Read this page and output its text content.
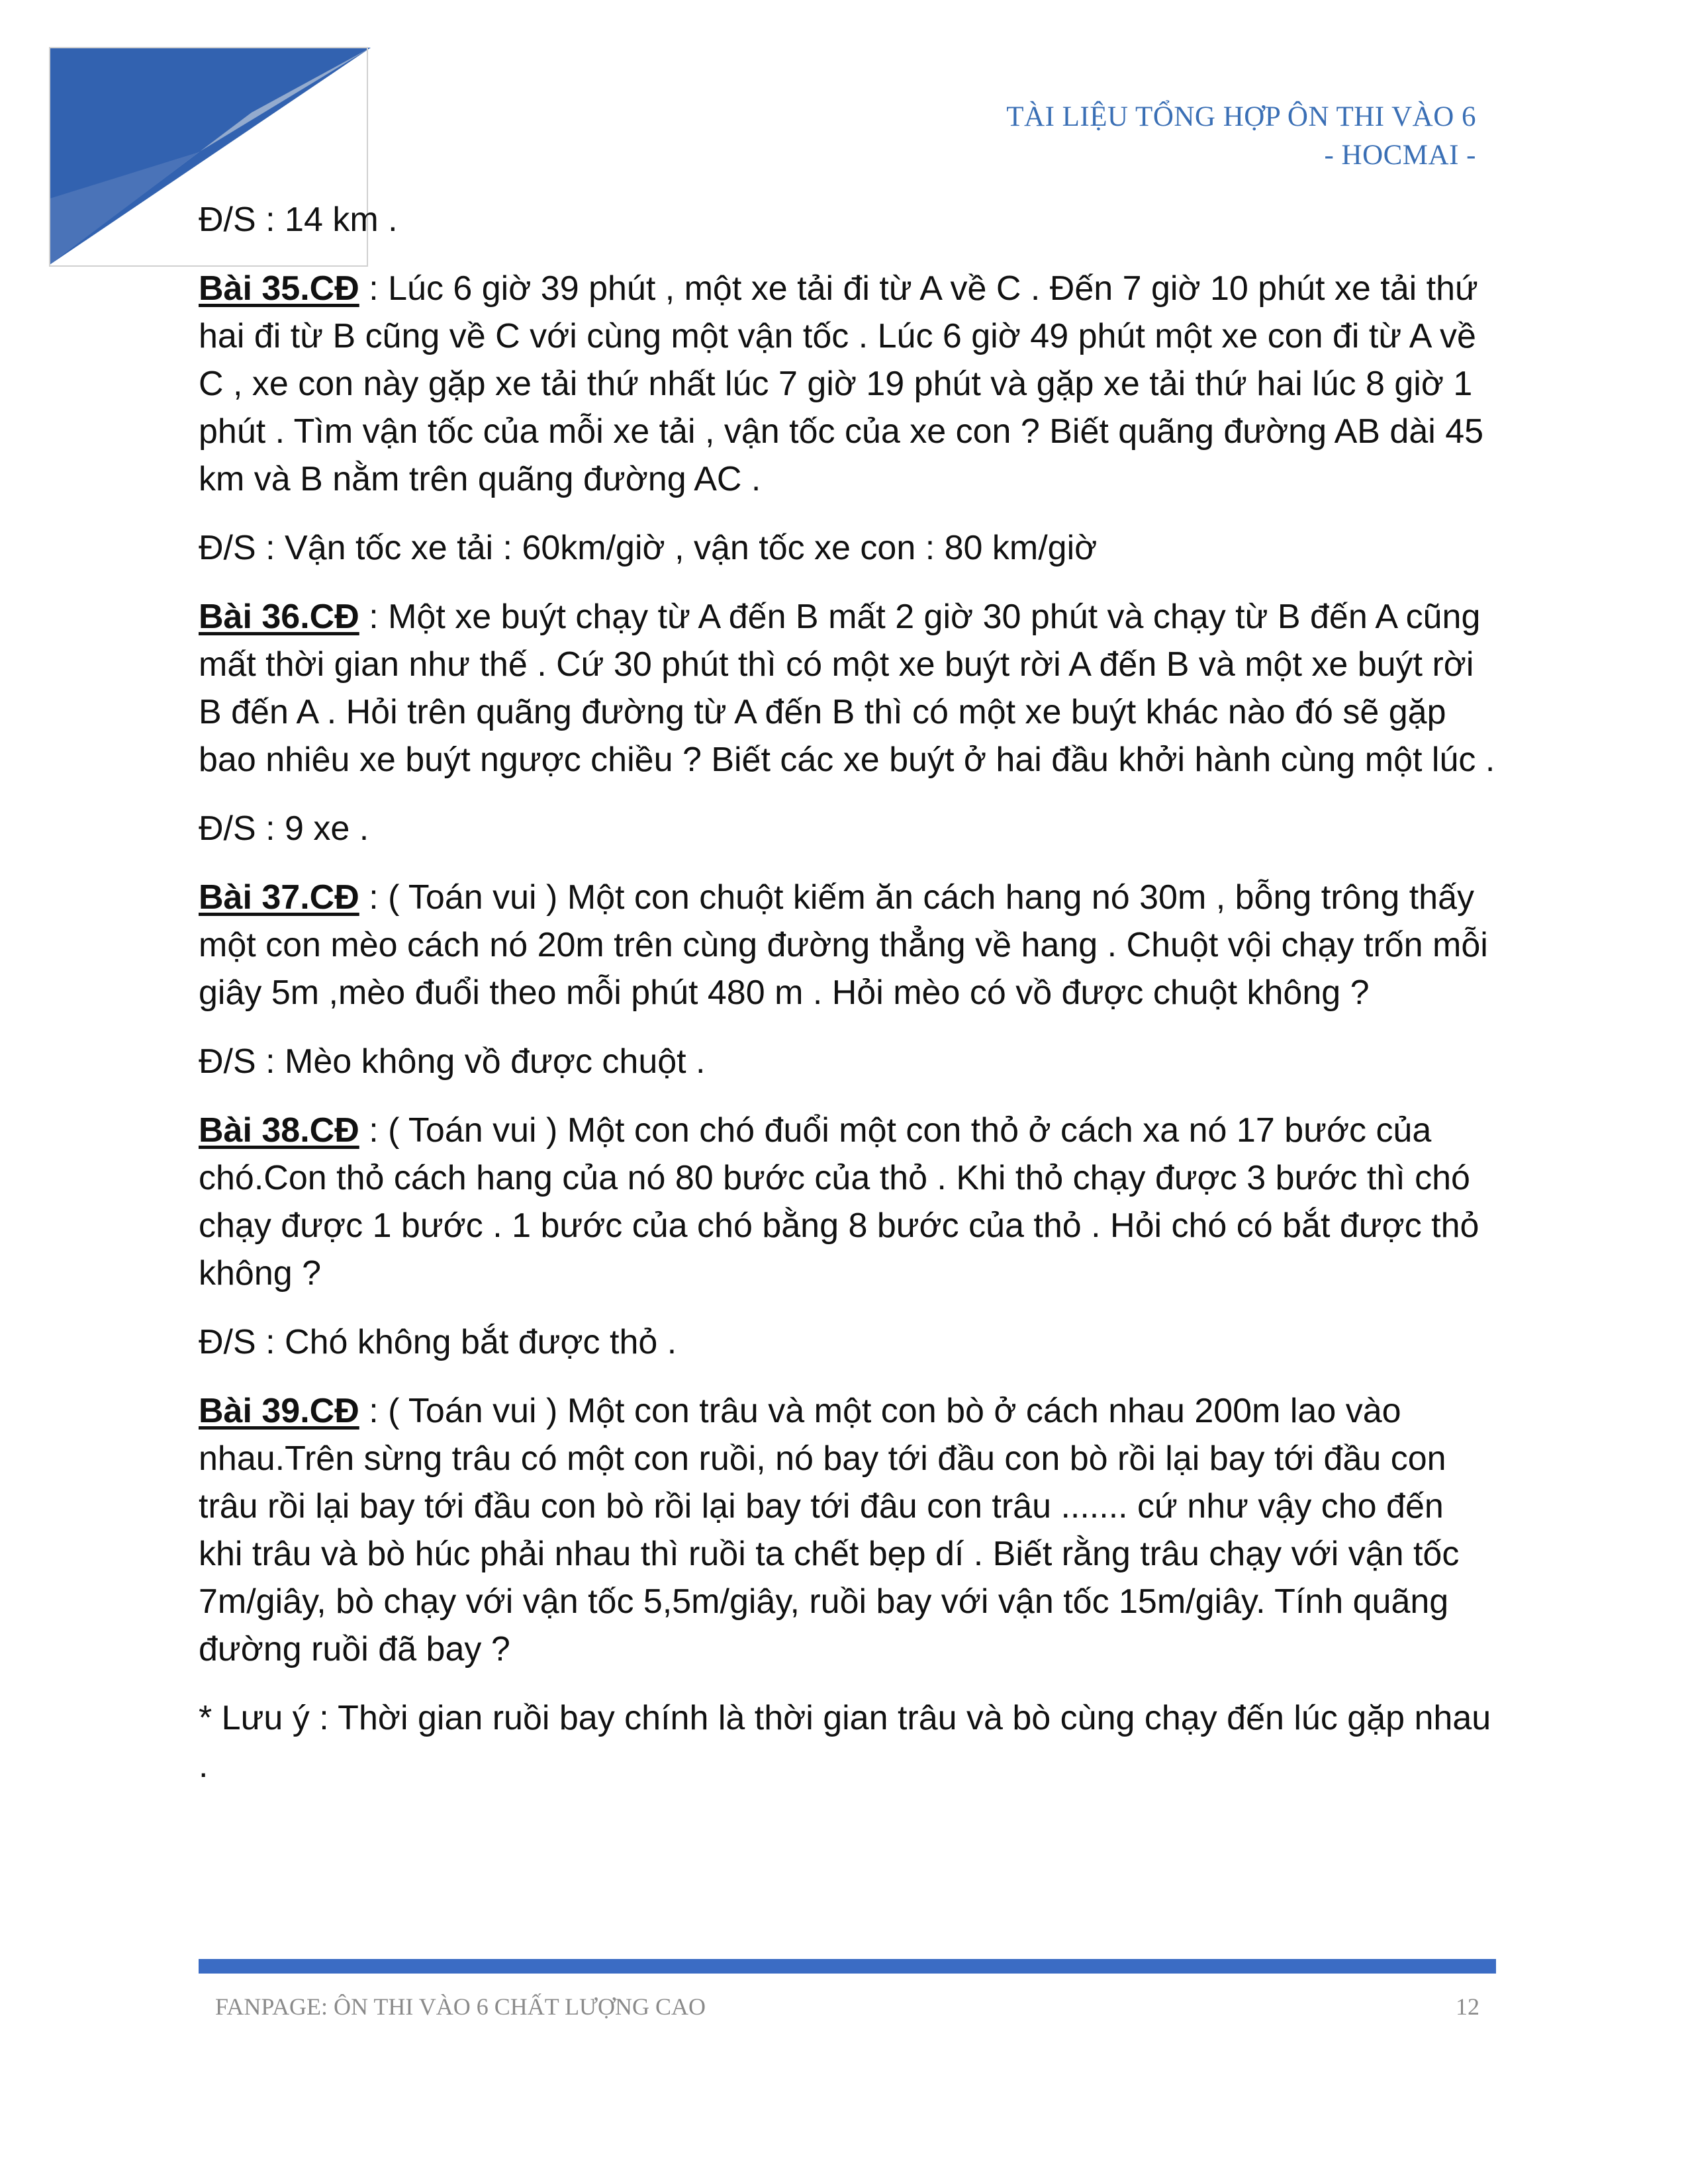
TÀI LIỆU TỔNG HỢP ÔN THI VÀO 6
- HOCMAI -

Đ/S : 14 km .

Bài 35.CĐ : Lúc 6 giờ 39 phút , một xe tải đi từ A về C . Đến 7 giờ 10 phút xe tải thứ hai đi từ B cũng về C với cùng một vận tốc . Lúc 6 giờ 49 phút một xe con đi từ A về C , xe con này gặp xe tải thứ nhất lúc 7 giờ 19 phút và gặp xe tải thứ hai lúc 8 giờ 1 phút . Tìm vận tốc của mỗi xe tải , vận tốc của xe con ? Biết quãng đường AB dài 45 km và B nằm trên quãng đường AC .

Đ/S : Vận tốc xe tải : 60km/giờ , vận tốc xe con : 80 km/giờ

Bài 36.CĐ : Một xe buýt chạy từ A đến B mất 2 giờ 30 phút và chạy từ B đến A cũng mất thời gian như thế . Cứ 30 phút thì có một xe buýt rời A đến B và một xe buýt rời B đến A . Hỏi trên quãng đường từ A đến B thì có một xe buýt khác nào đó sẽ gặp bao nhiêu xe buýt ngược chiều ? Biết các xe buýt ở hai đầu khởi hành cùng một lúc .

Đ/S : 9 xe .

Bài 37.CĐ : ( Toán vui ) Một con chuột kiếm ăn cách hang nó 30m , bỗng trông thấy một con mèo cách nó 20m trên cùng đường thẳng về hang . Chuột vội chạy trốn mỗi giây 5m ,mèo đuổi theo mỗi phút 480 m . Hỏi mèo có vồ được chuột không ?

Đ/S : Mèo không vồ được chuột .

Bài 38.CĐ : ( Toán vui ) Một con chó đuổi một con thỏ ở cách xa nó 17 bước của chó.Con thỏ cách hang của nó 80 bước của thỏ . Khi thỏ chạy được 3 bước thì chó chạy được 1 bước . 1 bước của chó bằng 8 bước của thỏ . Hỏi chó có bắt được thỏ không ?

Đ/S : Chó không bắt được thỏ .

Bài 39.CĐ : ( Toán vui ) Một con trâu và một con bò ở cách nhau 200m lao vào nhau.Trên sừng trâu có một con ruồi, nó bay tới đầu con bò rồi lại bay tới đầu con trâu rồi lại bay tới đầu con bò rồi lại bay tới đâu con trâu ....... cứ như vậy cho đến khi trâu và bò húc phải nhau thì ruồi ta chết bẹp dí . Biết rằng trâu chạy với vận tốc 7m/giây, bò chạy với vận tốc 5,5m/giây, ruồi bay với vận tốc 15m/giây. Tính quãng đường ruồi đã bay ?

* Lưu ý : Thời gian ruồi bay chính là thời gian trâu và bò cùng chạy đến lúc gặp nhau .

FANPAGE: ÔN THI VÀO 6 CHẤT LƯỢNG CAO	12
